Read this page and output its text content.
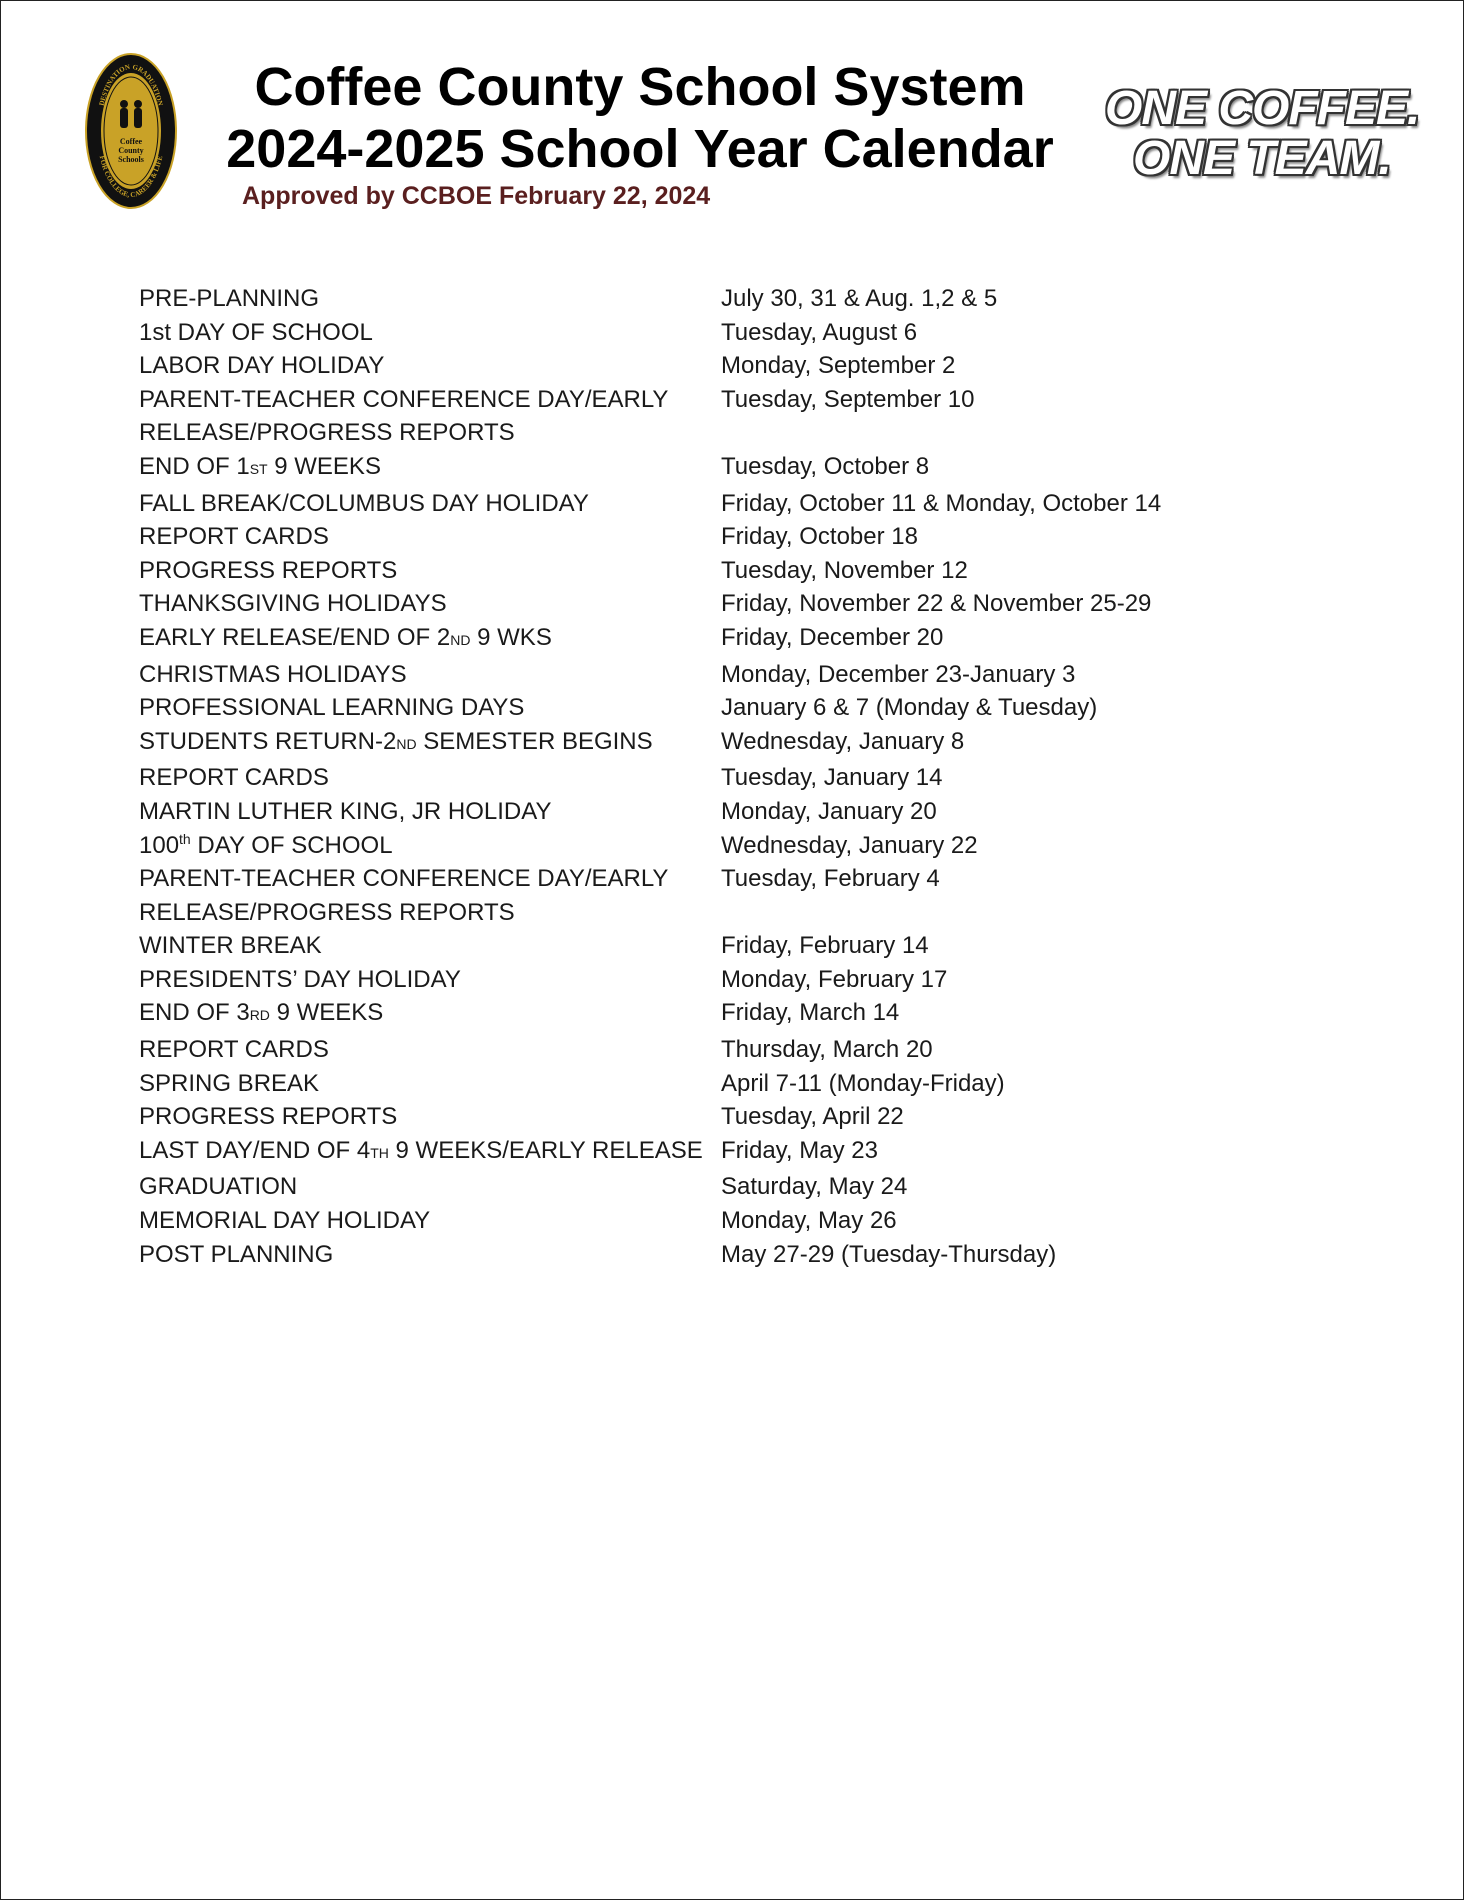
DESTINATION GRADUATION
FOR COLLEGE, CAREER & LIFE
Coffee
County
Schools
Coffee County School System
2024-2025 School Year Calendar
Approved by CCBOE February 22, 2024
ONE COFFEE.
ONE TEAM.
PRE-PLANNING	July 30, 31 & Aug. 1,2 & 5
1st DAY OF SCHOOL	Tuesday, August 6
LABOR DAY HOLIDAY	Monday, September 2
PARENT-TEACHER CONFERENCE DAY/EARLY	Tuesday, September 10
RELEASE/PROGRESS REPORTS
END OF 1ST 9 WEEKS	Tuesday, October 8
FALL BREAK/COLUMBUS DAY HOLIDAY	Friday, October 11 & Monday, October 14
REPORT CARDS	Friday, October 18
PROGRESS REPORTS	Tuesday, November 12
THANKSGIVING HOLIDAYS	Friday, November 22 & November 25-29
EARLY RELEASE/END OF 2ND 9 WKS	Friday, December 20
CHRISTMAS HOLIDAYS	Monday, December 23-January 3
PROFESSIONAL LEARNING DAYS	January 6 & 7 (Monday & Tuesday)
STUDENTS RETURN-2ND SEMESTER BEGINS	Wednesday, January 8
REPORT CARDS	Tuesday, January 14
MARTIN LUTHER KING, JR HOLIDAY	Monday, January 20
100th DAY OF SCHOOL	Wednesday, January 22
PARENT-TEACHER CONFERENCE DAY/EARLY	Tuesday, February 4
RELEASE/PROGRESS REPORTS
WINTER BREAK	Friday, February 14
PRESIDENTS’ DAY HOLIDAY	Monday, February 17
END OF 3RD 9 WEEKS	Friday, March 14
REPORT CARDS	Thursday, March 20
SPRING BREAK	April 7-11 (Monday-Friday)
PROGRESS REPORTS	Tuesday, April 22
LAST DAY/END OF 4TH 9 WEEKS/EARLY RELEASE Friday, May 23
GRADUATION	Saturday, May 24
MEMORIAL DAY HOLIDAY	Monday, May 26
POST PLANNING	May 27-29 (Tuesday-Thursday)
